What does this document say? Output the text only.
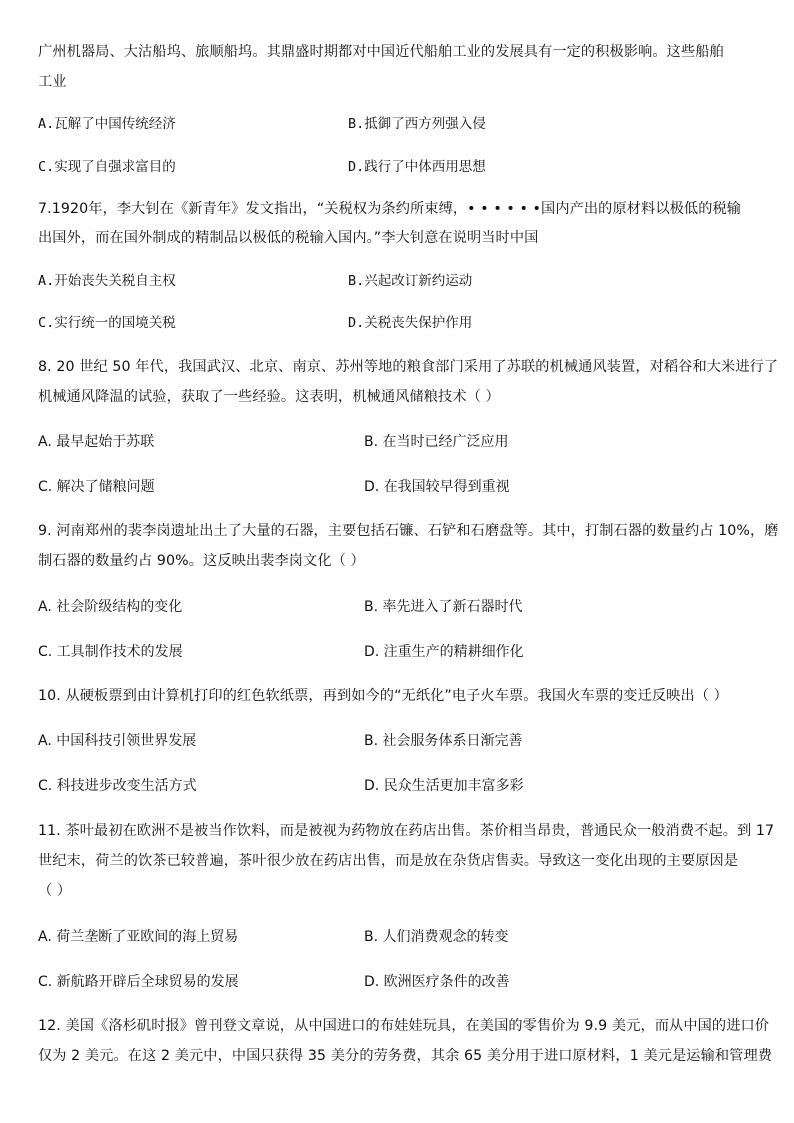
广州机器局、大沽船坞、旅顺船坞。其鼎盛时期都对中国近代船舶工业的发展具有一定的积极影响。这些船舶
工业
A.瓦解了中国传统经济	B.抵御了西方列强入侵
C.实现了自强求富目的	D.践行了中体西用思想
7.1920年，李大钊在《新青年》发文指出，“关税权为条约所束缚，• • • • • •国内产出的原材料以极低的税输
出国外，而在国外制成的精制品以极低的税输入国内。”李大钊意在说明当时中国
A.开始丧失关税自主权	B.兴起改订新约运动
C.实行统一的国境关税	D.关税丧失保护作用
8. 20 世纪 50 年代，我国武汉、北京、南京、苏州等地的粮食部门采用了苏联的机械通风装置，对稻谷和大米进行了
机械通风降温的试验，获取了一些经验。这表明，机械通风储粮技术（ ）
A. 最早起始于苏联	B. 在当时已经广泛应用
C. 解决了储粮问题	D. 在我国较早得到重视
9. 河南郑州的裴李岗遗址出土了大量的石器，主要包括石镰、石铲和石磨盘等。其中，打制石器的数量约占 10%，磨
制石器的数量约占 90%。这反映出裴李岗文化（ ）
A. 社会阶级结构的变化	B. 率先进入了新石器时代
C. 工具制作技术的发展	D. 注重生产的精耕细作化
10. 从硬板票到由计算机打印的红色软纸票，再到如今的“无纸化”电子火车票。我国火车票的变迁反映出（ ）
A. 中国科技引领世界发展	B. 社会服务体系日渐完善
C. 科技进步改变生活方式	D. 民众生活更加丰富多彩
11. 茶叶最初在欧洲不是被当作饮料，而是被视为药物放在药店出售。茶价相当昂贵，普通民众一般消费不起。到 17
世纪末，荷兰的饮茶已较普遍，茶叶很少放在药店出售，而是放在杂货店售卖。导致这一变化出现的主要原因是
（ ）
A. 荷兰垄断了亚欧间的海上贸易	B. 人们消费观念的转变
C. 新航路开辟后全球贸易的发展	D. 欧洲医疗条件的改善
12. 美国《洛杉矶时报》曾刊登文章说，从中国进口的布娃娃玩具，在美国的零售价为 9.9 美元，而从中国的进口价
仅为 2 美元。在这 2 美元中，中国只获得 35 美分的劳务费，其余 65 美分用于进口原材料，1 美元是运输和管理费
